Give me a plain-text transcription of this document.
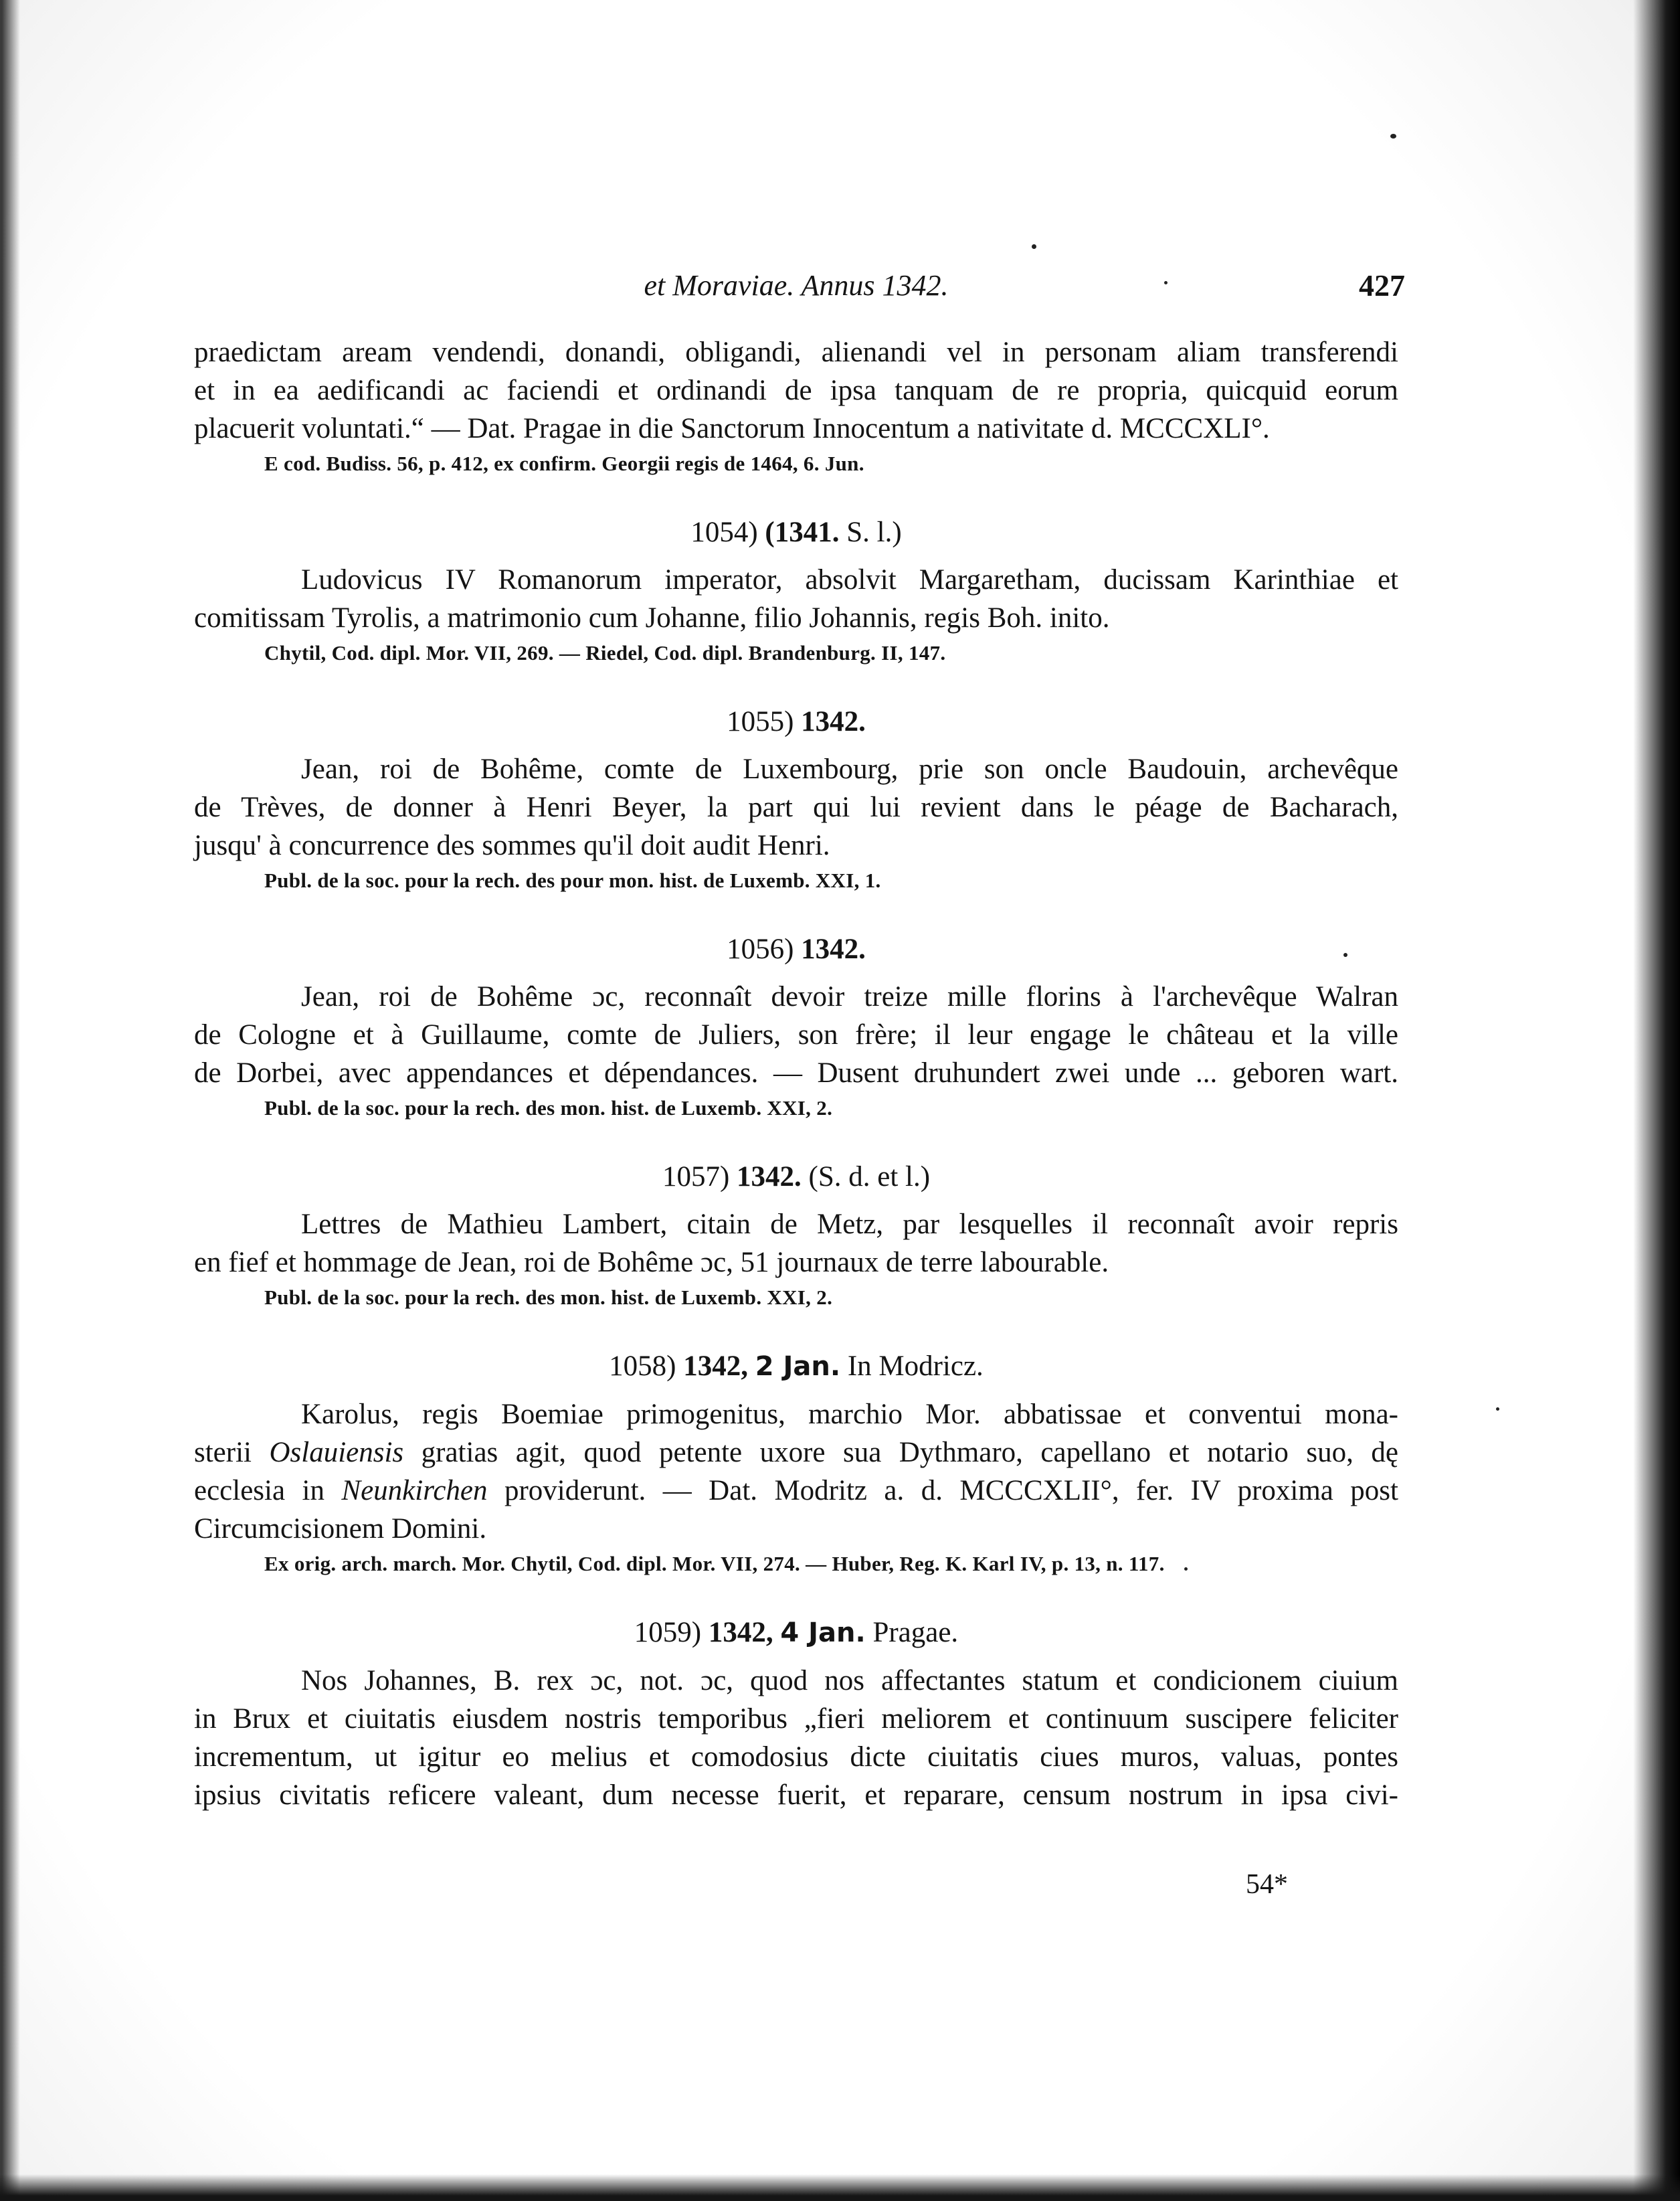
et Moraviae. Annus 1342.	427
praedictam aream vendendi, donandi, obligandi, alienandi vel in personam aliam transferendi
et in ea aedificandi ac faciendi et ordinandi de ipsa tanquam de re propria, quicquid eorum
placuerit voluntati.“ — Dat. Pragae in die Sanctorum Innocentum a nativitate d. MCCCXLI°.
E cod. Budiss. 56, p. 412, ex confirm. Georgii regis de 1464, 6. Jun.
1054) (1341. S. l.)
Ludovicus IV Romanorum imperator, absolvit Margaretham, ducissam Karinthiae et
comitissam Tyrolis, a matrimonio cum Johanne, filio Johannis, regis Boh. inito.
Chytil, Cod. dipl. Mor. VII, 269. — Riedel, Cod. dipl. Brandenburg. II, 147.
1055) 1342.
Jean, roi de Bohême, comte de Luxembourg, prie son oncle Baudouin, archevêque
de Trèves, de donner à Henri Beyer, la part qui lui revient dans le péage de Bacharach,
jusqu' à concurrence des sommes qu'il doit audit Henri.
Publ. de la soc. pour la rech. des pour mon. hist. de Luxemb. XXI, 1.
1056) 1342.
Jean, roi de Bohême ɔc, reconnaît devoir treize mille florins à l'archevêque Walran
de Cologne et à Guillaume, comte de Juliers, son frère; il leur engage le château et la ville
de Dorbei, avec appendances et dépendances. — Dusent druhundert zwei unde ... geboren wart.
Publ. de la soc. pour la rech. des mon. hist. de Luxemb. XXI, 2.
1057) 1342. (S. d. et l.)
Lettres de Mathieu Lambert, citain de Metz, par lesquelles il reconnaît avoir repris
en fief et hommage de Jean, roi de Bohême ɔc, 51 journaux de terre labourable.
Publ. de la soc. pour la rech. des mon. hist. de Luxemb. XXI, 2.
1058) 1342, 2 Jan. In Modricz.
Karolus, regis Boemiae primogenitus, marchio Mor. abbatissae et conventui mona-
sterii Oslauiensis gratias agit, quod petente uxore sua Dythmaro, capellano et notario suo, dę
ecclesia in Neunkirchen providerunt. — Dat. Modritz a. d. MCCCXLII°, fer. IV proxima post
Circumcisionem Domini.
Ex orig. arch. march. Mor. Chytil, Cod. dipl. Mor. VII, 274. — Huber, Reg. K. Karl IV, p. 13, n. 117.
1059) 1342, 4 Jan. Pragae.
Nos Johannes, B. rex ɔc, not. ɔc, quod nos affectantes statum et condicionem ciuium
in Brux et ciuitatis eiusdem nostris temporibus „fieri meliorem et continuum suscipere feliciter
incrementum, ut igitur eo melius et comodosius dicte ciuitatis ciues muros, valuas, pontes
ipsius civitatis reficere valeant, dum necesse fuerit, et reparare, censum nostrum in ipsa civi-
54*
